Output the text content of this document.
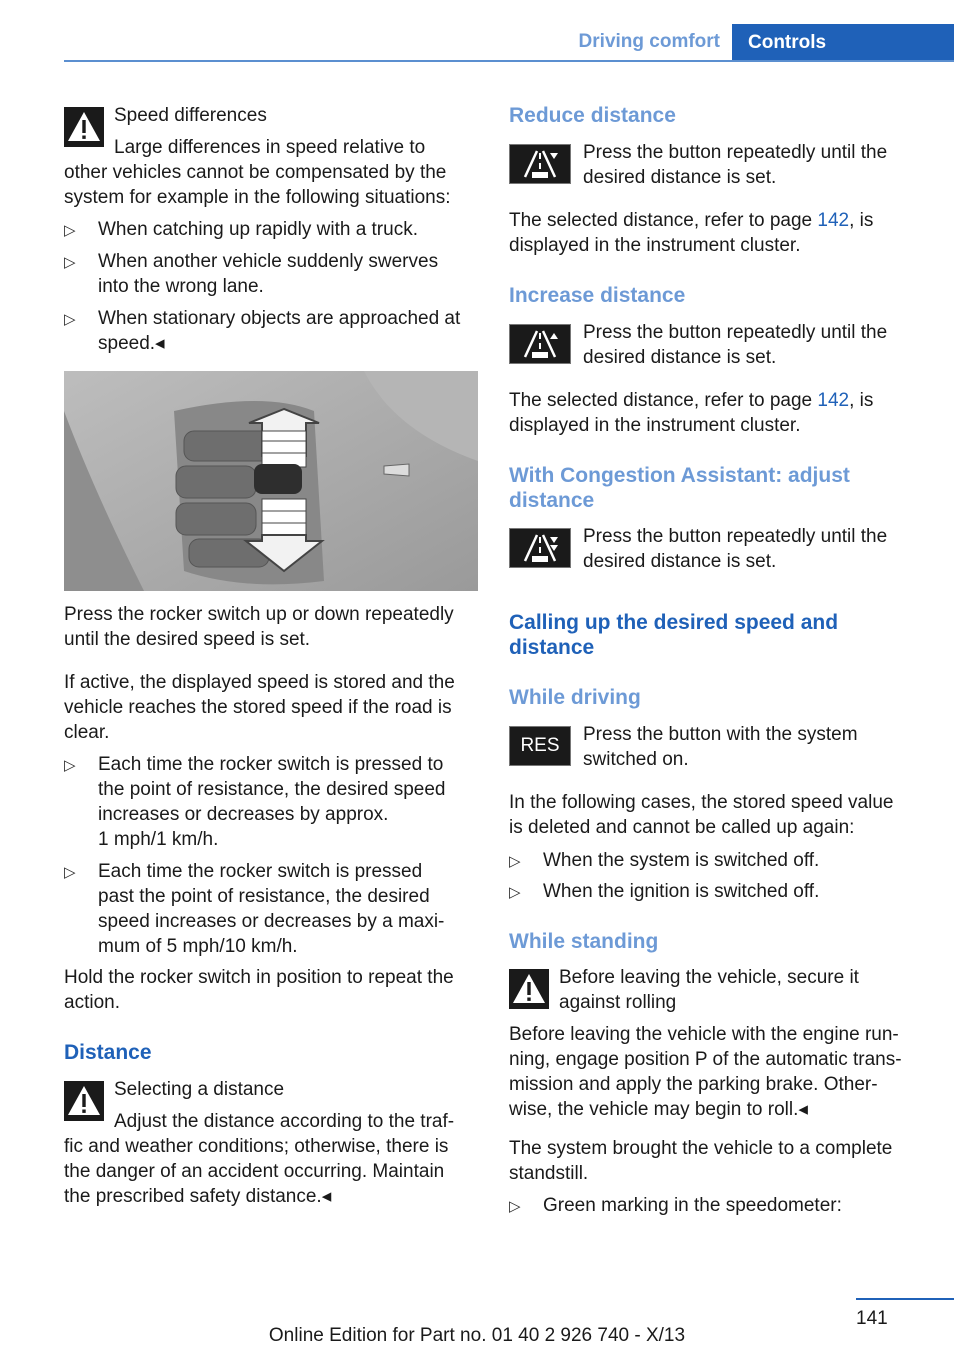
Driving comfort	Controls
Speed differences
Large differences in speed relative to
other vehicles cannot be compensated by the
system for example in the following situations:
▷ When catching up rapidly with a truck.
▷ When another vehicle suddenly swerves
into the wrong lane.
▷ When stationary objects are approached at
speed.◂
Press the rocker switch up or down repeatedly
until the desired speed is set.
If active, the displayed speed is stored and the
vehicle reaches the stored speed if the road is
clear.
▷ Each time the rocker switch is pressed to
the point of resistance, the desired speed
increases or decreases by approx.
1 mph/1 km/h.
▷ Each time the rocker switch is pressed
past the point of resistance, the desired
speed increases or decreases by a maxi‐
mum of 5 mph/10 km/h.
Hold the rocker switch in position to repeat the
action.
Distance
Selecting a distance
Adjust the distance according to the traf‐
fic and weather conditions; otherwise, there is
the danger of an accident occurring. Maintain
the prescribed safety distance.◂
Reduce distance
Press the button repeatedly until the
desired distance is set.
The selected distance, refer to page 142, is
displayed in the instrument cluster.
Increase distance
Press the button repeatedly until the
desired distance is set.
The selected distance, refer to page 142, is
displayed in the instrument cluster.
With Congestion Assistant: adjust
distance
Press the button repeatedly until the
desired distance is set.
Calling up the desired speed and
distance
While driving
RES
Press the button with the system
switched on.
In the following cases, the stored speed value
is deleted and cannot be called up again:
▷ When the system is switched off.
▷ When the ignition is switched off.
While standing
Before leaving the vehicle, secure it
against rolling
Before leaving the vehicle with the engine run‐
ning, engage position P of the automatic trans‐
mission and apply the parking brake. Other‐
wise, the vehicle may begin to roll.◂
The system brought the vehicle to a complete
standstill.
▷ Green marking in the speedometer:
141
Online Edition for Part no. 01 40 2 926 740 - X/13
